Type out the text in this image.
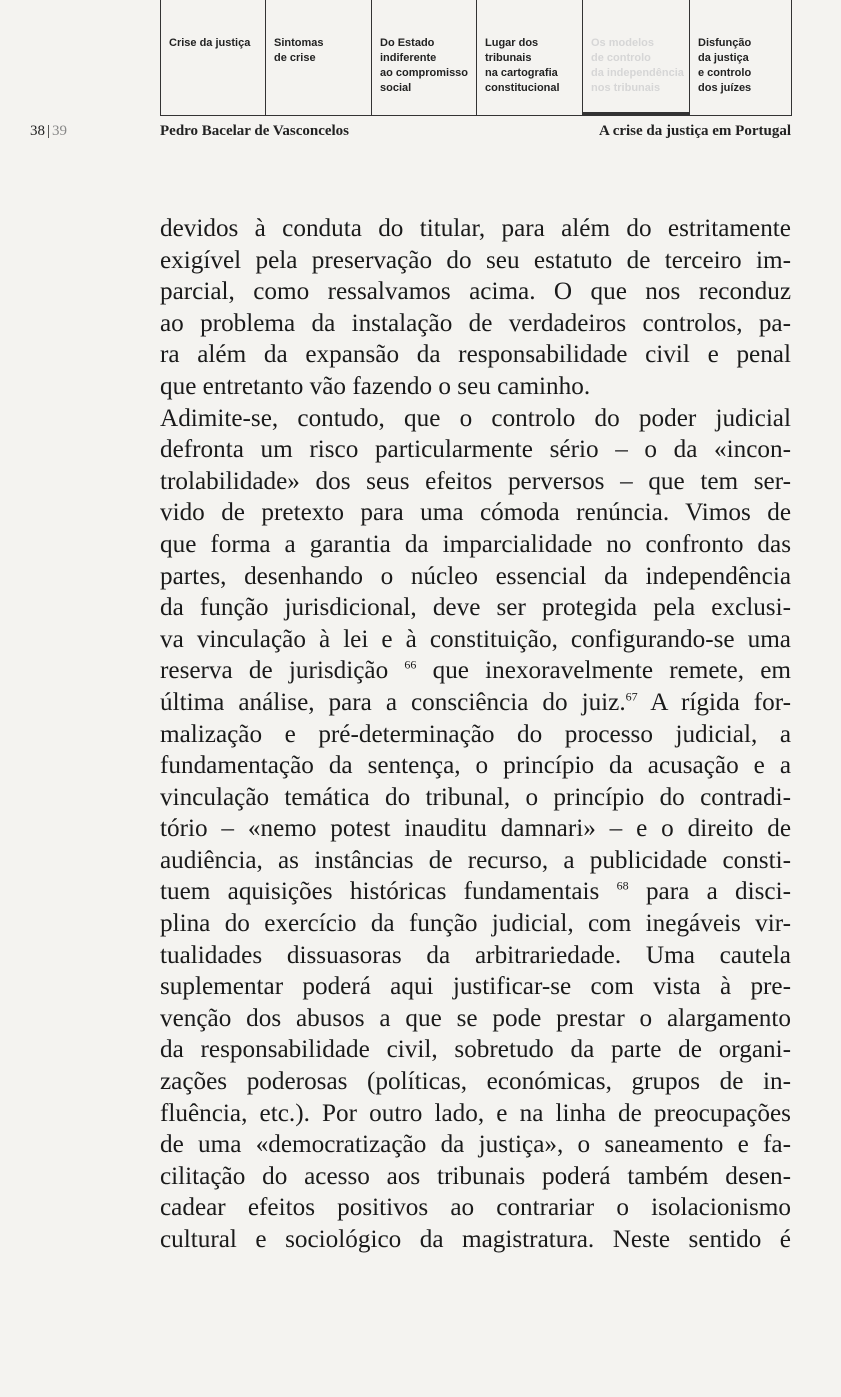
Crise da justiça	Sintomas
de crise
Do Estado
indiferente
ao compromisso
social
Lugar dos
tribunais
na cartografia
constitucional
Os modelos
de controlo
da independência
nos tribunais
Disfunção
da justiça
e controlo
dos juízes
38 | 39	Pedro Bacelar de Vasconcelos	A crise da justiça em Portugal
devidos à conduta do titular, para além do estritamente
exigível pela preservação do seu estatuto de terceiro im-
parcial, como ressalvamos acima. O que nos reconduz
ao problema da instalação de verdadeiros controlos, pa-
ra além da expansão da responsabilidade civil e penal
que entretanto vão fazendo o seu caminho.
Adimite-se, contudo, que o controlo do poder judicial
defronta um risco particularmente sério – o da «incon-
trolabilidade» dos seus efeitos perversos – que tem ser-
vido de pretexto para uma cómoda renúncia. Vimos de
que forma a garantia da imparcialidade no confronto das
partes, desenhando o núcleo essencial da independência
da função jurisdicional, deve ser protegida pela exclusi-
va vinculação à lei e à constituição, configurando-se uma
reserva de jurisdição $^{66}$ que inexoravelmente remete, em
última análise, para a consciência do juiz.$^{67}$ A rígida for-
malização e pré-determinação do processo judicial, a
fundamentação da sentença, o princípio da acusação e a
vinculação temática do tribunal, o princípio do contradi-
tório – «nemo potest inauditu damnari» – e o direito de
audiência, as instâncias de recurso, a publicidade consti-
tuem aquisições históricas fundamentais $^{68}$ para a disci-
plina do exercício da função judicial, com inegáveis vir-
tualidades dissuasoras da arbitrariedade. Uma cautela
suplementar poderá aqui justificar-se com vista à pre-
venção dos abusos a que se pode prestar o alargamento
da responsabilidade civil, sobretudo da parte de organi-
zações poderosas (políticas, económicas, grupos de in-
fluência, etc.). Por outro lado, e na linha de preocupações
de uma «democratização da justiça», o saneamento e fa-
cilitação do acesso aos tribunais poderá também desen-
cadear efeitos positivos ao contrariar o isolacionismo
cultural e sociológico da magistratura. Neste sentido é
